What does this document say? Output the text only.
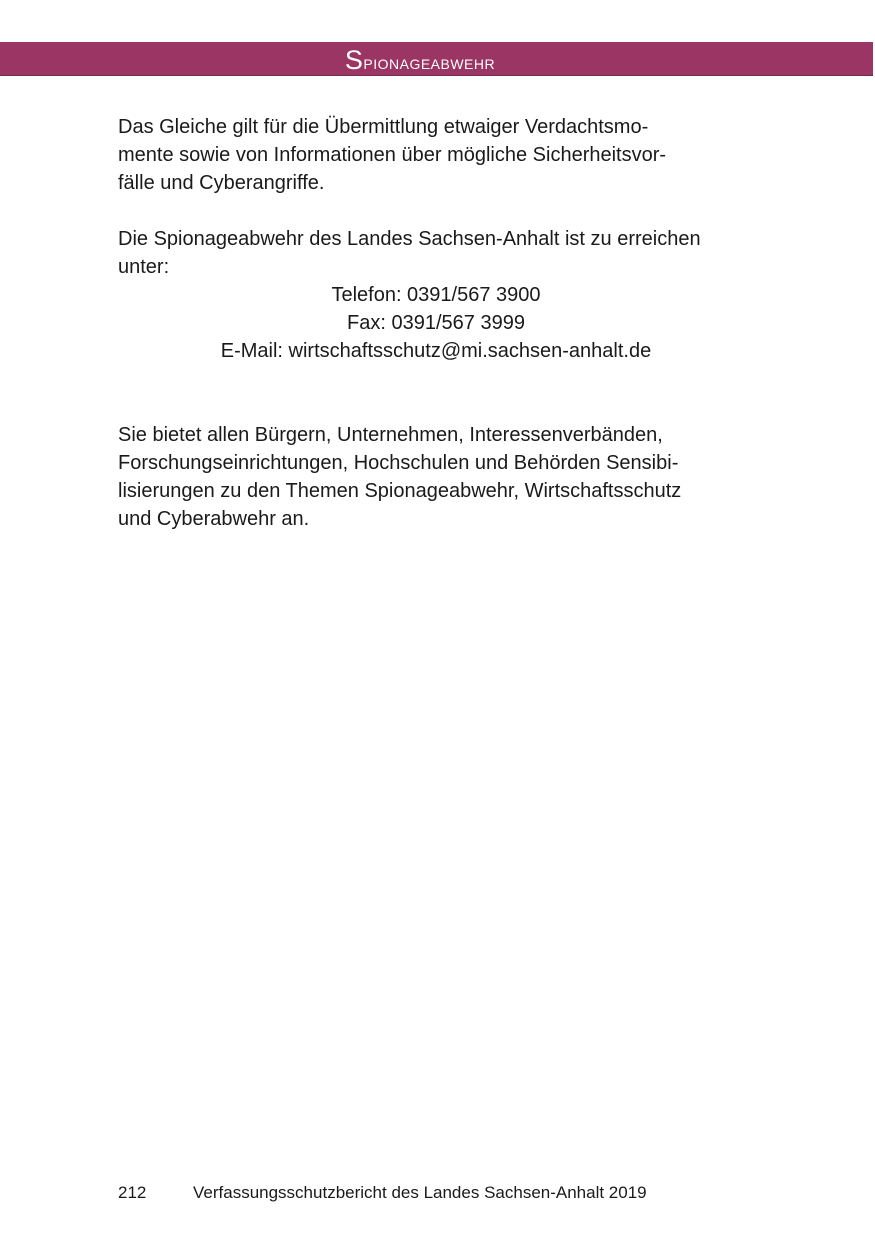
Spionageabwehr

Das Gleiche gilt für die Übermittlung etwaiger Verdachtsmo-
mente sowie von Informationen über mögliche Sicherheitsvor-
fälle und Cyberangriffe.

Die Spionageabwehr des Landes Sachsen-Anhalt ist zu erreichen
unter:

Telefon: 0391/567 3900
Fax: 0391/567 3999
E-Mail: wirtschaftsschutz@mi.sachsen-anhalt.de

Sie bietet allen Bürgern, Unternehmen, Interessenverbänden,
Forschungseinrichtungen, Hochschulen und Behörden Sensibi-
lisierungen zu den Themen Spionageabwehr, Wirtschaftsschutz
und Cyberabwehr an.

212	Verfassungsschutzbericht des Landes Sachsen-Anhalt 2019
